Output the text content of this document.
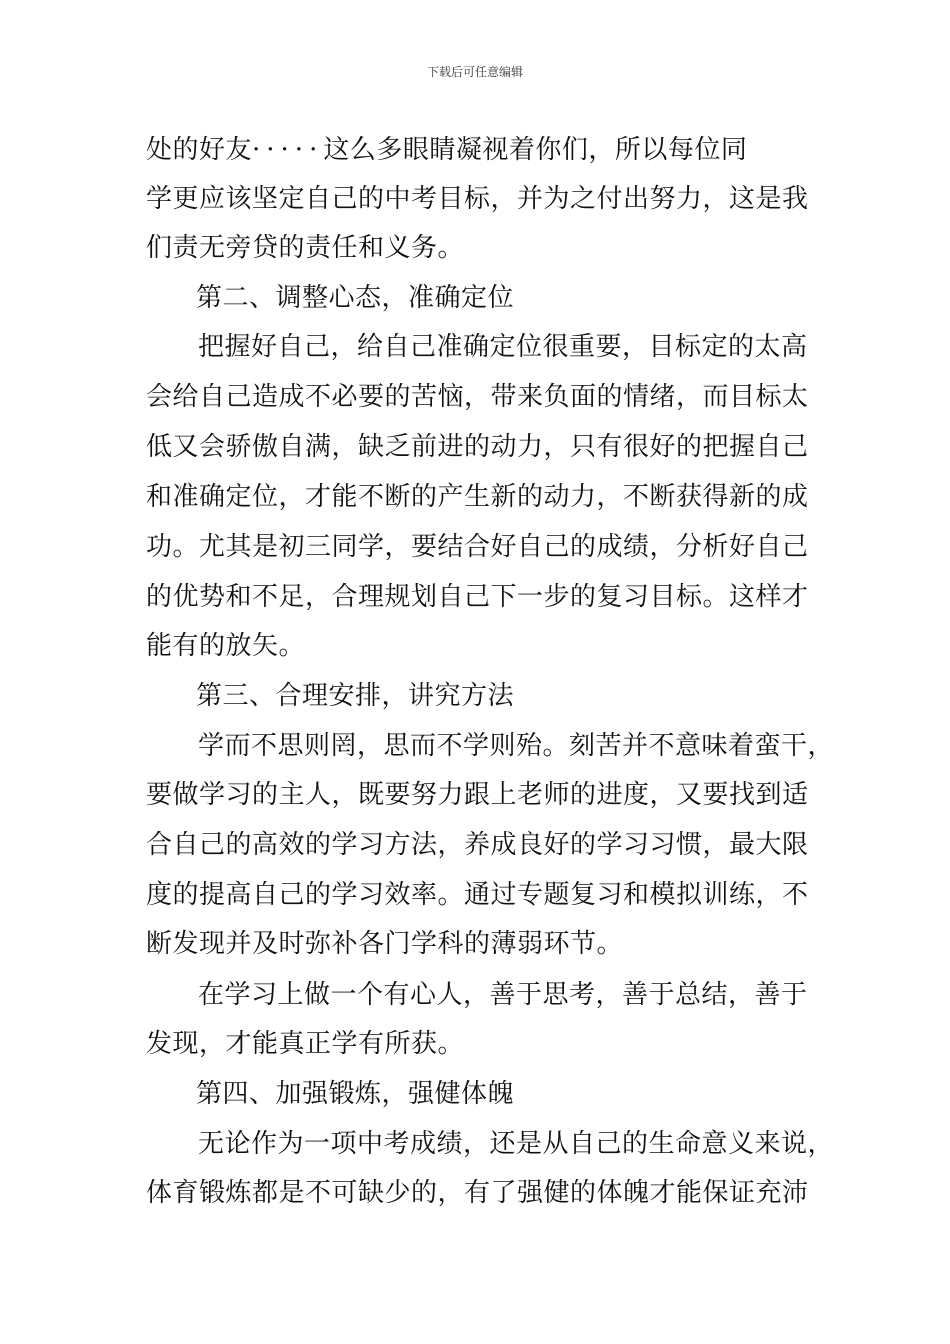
下载后可任意编辑
处的好友·····这么多眼睛凝视着你们，所以每位同
学更应该坚定自己的中考目标，并为之付出努力，这是我
们责无旁贷的责任和义务。
第二、调整心态，准确定位
把握好自己，给自己准确定位很重要，目标定的太高
会给自己造成不必要的苦恼，带来负面的情绪，而目标太
低又会骄傲自满，缺乏前进的动力，只有很好的把握自己
和准确定位，才能不断的产生新的动力，不断获得新的成
功。尤其是初三同学，要结合好自己的成绩，分析好自己
的优势和不足，合理规划自己下一步的复习目标。这样才
能有的放矢。
第三、合理安排，讲究方法
学而不思则罔，思而不学则殆。刻苦并不意味着蛮干，
要做学习的主人，既要努力跟上老师的进度，又要找到适
合自己的高效的学习方法，养成良好的学习习惯，最大限
度的提高自己的学习效率。通过专题复习和模拟训练，不
断发现并及时弥补各门学科的薄弱环节。
在学习上做一个有心人，善于思考，善于总结，善于
发现，才能真正学有所获。
第四、加强锻炼，强健体魄
无论作为一项中考成绩，还是从自己的生命意义来说，
体育锻炼都是不可缺少的，有了强健的体魄才能保证充沛
